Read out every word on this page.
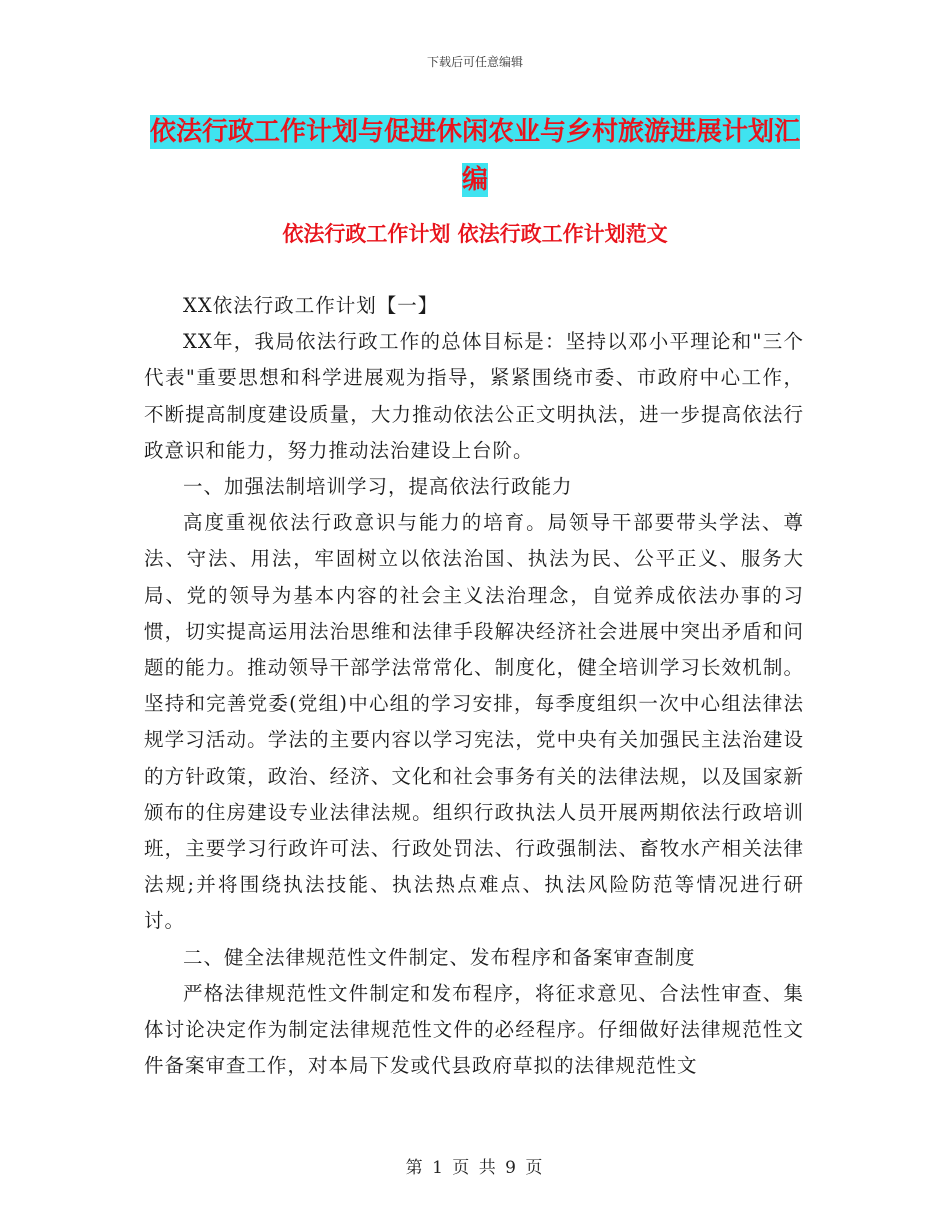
下载后可任意编辑
依法行政工作计划与促进休闲农业与乡村旅游进展计划汇编
依法行政工作计划 依法行政工作计划范文

XX依法行政工作计划【一】

XX年，我局依法行政工作的总体目标是：坚持以邓小平理论和"三个代表"重要思想和科学进展观为指导，紧紧围绕市委、市政府中心工作，不断提高制度建设质量，大力推动依法公正文明执法，进一步提高依法行政意识和能力，努力推动法治建设上台阶。

一、加强法制培训学习，提高依法行政能力

高度重视依法行政意识与能力的培育。局领导干部要带头学法、尊法、守法、用法，牢固树立以依法治国、执法为民、公平正义、服务大局、党的领导为基本内容的社会主义法治理念，自觉养成依法办事的习惯，切实提高运用法治思维和法律手段解决经济社会进展中突出矛盾和问题的能力。推动领导干部学法常常化、制度化，健全培训学习长效机制。坚持和完善党委(党组)中心组的学习安排，每季度组织一次中心组法律法规学习活动。学法的主要内容以学习宪法，党中央有关加强民主法治建设的方针政策，政治、经济、文化和社会事务有关的法律法规，以及国家新颁布的住房建设专业法律法规。组织行政执法人员开展两期依法行政培训班，主要学习行政许可法、行政处罚法、行政强制法、畜牧水产相关法律法规;并将围绕执法技能、执法热点难点、执法风险防范等情况进行研讨。

二、健全法律规范性文件制定、发布程序和备案审查制度

严格法律规范性文件制定和发布程序，将征求意见、合法性审查、集体讨论决定作为制定法律规范性文件的必经程序。仔细做好法律规范性文件备案审查工作，对本局下发或代县政府草拟的法律规范性文

第 1 页 共 9 页
